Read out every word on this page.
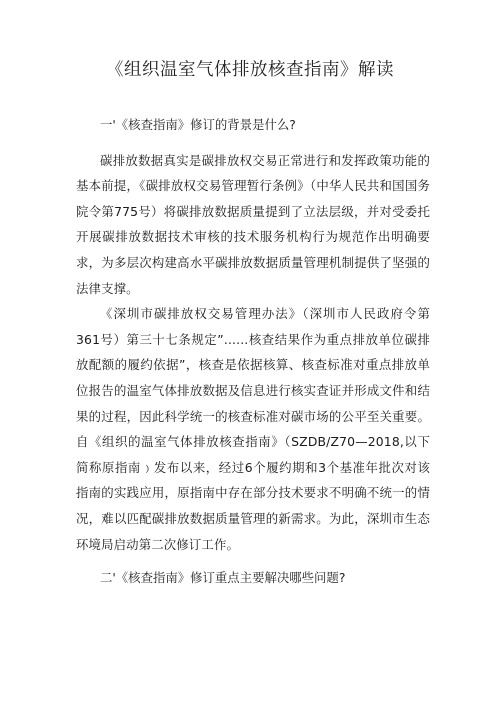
《组织温室气体排放核查指南》解读
一'《核查指南》修订的背景是什么?

碳排放数据真实是碳排放权交易正常进行和发挥政策功能的基本前提，《碳排放权交易管理暂行条例》（中华人民共和国国务院令第775号）将碳排放数据质量提到了立法层级，并对受委托开展碳排放数据技术审核的技术服务机构行为规范作出明确要求，为多层次构建高水平碳排放数据质量管理机制提供了坚强的法律支撑。

《深圳市碳排放权交易管理办法》（深圳市人民政府令第361号）第三十七条规定”......核查结果作为重点排放单位碳排放配额的履约依据”，核查是依据核算、核查标准对重点排放单位报告的温室气体排放数据及信息进行核实查证并形成文件和结果的过程，因此科学统一的核查标准对碳市场的公平至关重要。自《组织的温室气体排放核查指南》（SZDB/Z70—2018,以下简称原指南﹚发布以来，经过6个履约期和3个基准年批次对该指南的实践应用，原指南中存在部分技术要求不明确不统一的情况，难以匹配碳排放数据质量管理的新需求。为此，深圳市生态环境局启动第二次修订工作。

二'《核查指南》修订重点主要解决哪些问题?
